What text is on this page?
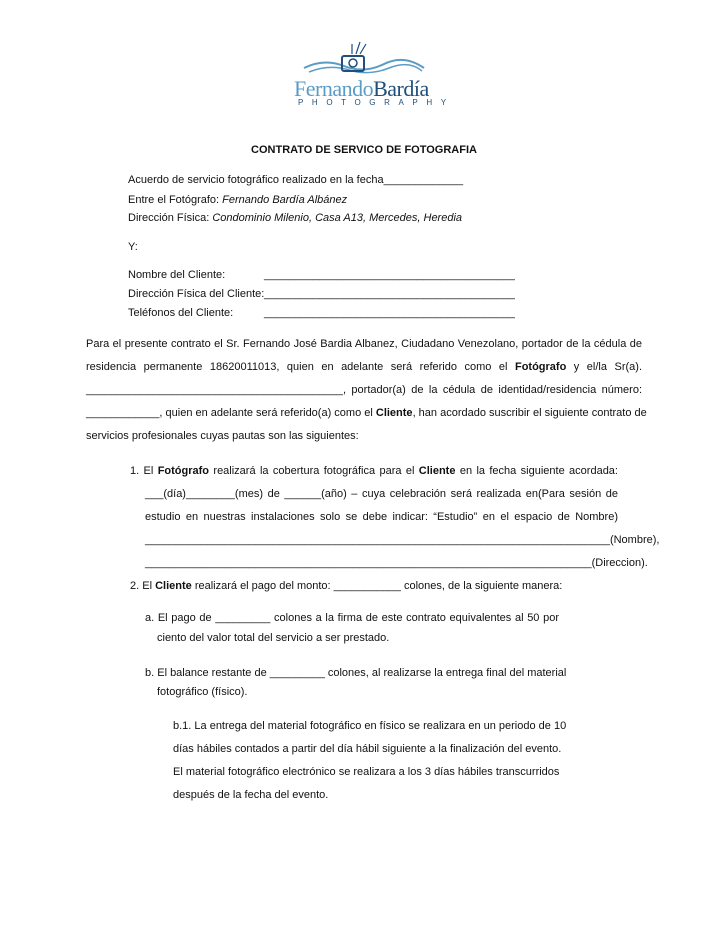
FernandoBardía
PHOTOGRAPHY
CONTRATO DE SERVICO DE FOTOGRAFIA
Acuerdo de servicio fotográfico realizado en la fecha_____________
Entre el Fotógrafo: Fernando Bardía Albánez
Dirección Física: Condominio Milenio, Casa A13, Mercedes, Heredia
Y:
Nombre del Cliente:	_________________________________________
Dirección Física del Cliente: _________________________________________
Teléfonos del Cliente:	_________________________________________
Para el presente contrato el Sr. Fernando José Bardia Albanez, Ciudadano Venezolano, portador de la cédula de
residencia permanente 18620011013, quien en adelante será referido como el Fotógrafo y el/la Sr(a).
__________________________________________, portador(a) de la cédula de identidad/residencia número:
____________, quien en adelante será referido(a) como el Cliente, han acordado suscribir el siguiente contrato de
servicios profesionales cuyas pautas son las siguientes:
1. El Fotógrafo realizará la cobertura fotográfica para el Cliente en la fecha siguiente acordada:
___(día)________(mes) de ______(año) – cuya celebración será realizada en(Para sesión de
estudio en nuestras instalaciones solo se debe indicar: “Estudio” en el espacio de Nombre)
____________________________________________________________________________(Nombre),
_________________________________________________________________________(Direccion).
2. El Cliente realizará el pago del monto: ___________ colones, de la siguiente manera:
a. El pago de _________ colones a la firma de este contrato equivalentes al 50 por
ciento del valor total del servicio a ser prestado.
b. El balance restante de _________ colones, al realizarse la entrega final del material
fotográfico (físico).
b.1. La entrega del material fotográfico en físico se realizara en un periodo de 10
días hábiles contados a partir del día hábil siguiente a la finalización del evento.
El material fotográfico electrónico se realizara a los 3 días hábiles transcurridos
después de la fecha del evento.
